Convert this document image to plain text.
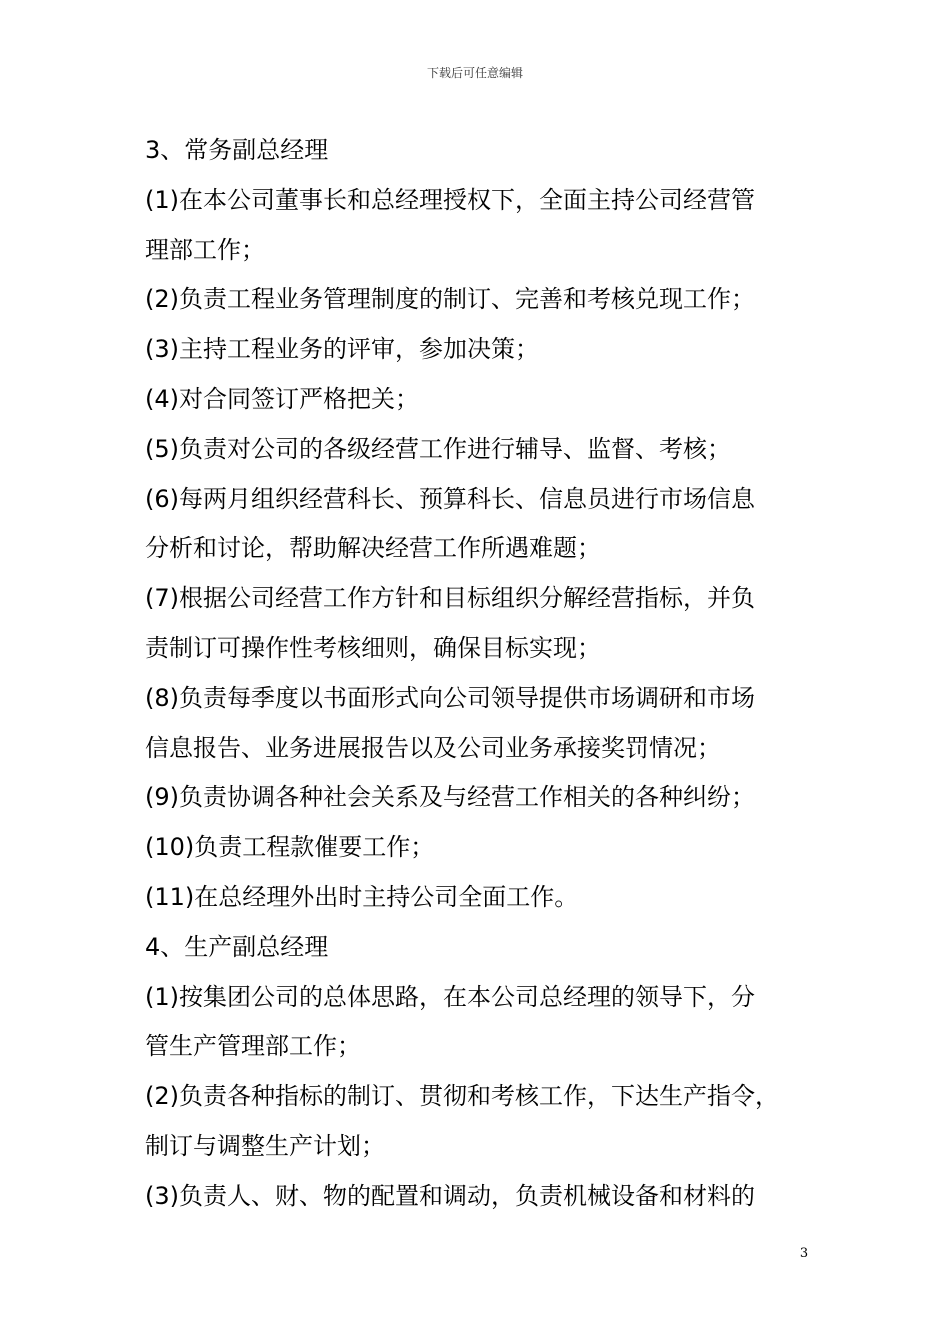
下载后可任意编辑
3、常务副总经理
(1)在本公司董事长和总经理授权下，全面主持公司经营管
理部工作；
(2)负责工程业务管理制度的制订、完善和考核兑现工作；
(3)主持工程业务的评审，参加决策；
(4)对合同签订严格把关；
(5)负责对公司的各级经营工作进行辅导、监督、考核；
(6)每两月组织经营科长、预算科长、信息员进行市场信息
分析和讨论，帮助解决经营工作所遇难题；
(7)根据公司经营工作方针和目标组织分解经营指标，并负
责制订可操作性考核细则，确保目标实现；
(8)负责每季度以书面形式向公司领导提供市场调研和市场
信息报告、业务进展报告以及公司业务承接奖罚情况；
(9)负责协调各种社会关系及与经营工作相关的各种纠纷；
(10)负责工程款催要工作；
(11)在总经理外出时主持公司全面工作。
4、生产副总经理
(1)按集团公司的总体思路，在本公司总经理的领导下，分
管生产管理部工作；
(2)负责各种指标的制订、贯彻和考核工作，下达生产指令，
制订与调整生产计划；
(3)负责人、财、物的配置和调动，负责机械设备和材料的
3
